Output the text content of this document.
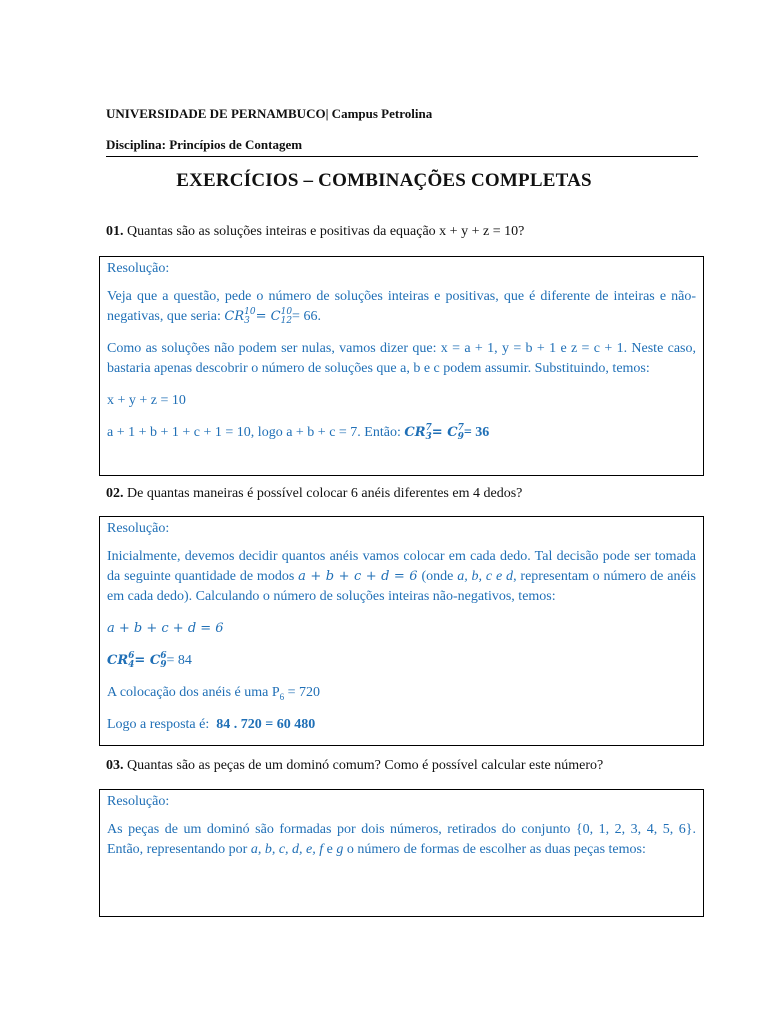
UNIVERSIDADE DE PERNAMBUCO| Campus Petrolina
Disciplina: Princípios de Contagem
EXERCÍCIOS – COMBINAÇÕES COMPLETAS
01. Quantas são as soluções inteiras e positivas da equação x + y + z = 10?

Resolução:

Veja que a questão, pede o número de soluções inteiras e positivas, que é diferente de inteiras e não-negativas, que seria: CR 10
3 = C 10
12 = 66.

Como as soluções não podem ser nulas, vamos dizer que: x = a + 1, y = b + 1 e z = c + 1. Neste caso, bastaria apenas descobrir o número de soluções que a, b e c podem assumir. Substituindo, temos:

x + y + z = 10

a + 1 + b + 1 + c + 1 = 10, logo a + b + c = 7. Então: CR 7
3 = C 7
9 = 36

02. De quantas maneiras é possível colocar 6 anéis diferentes em 4 dedos?

Resolução:

Inicialmente, devemos decidir quantos anéis vamos colocar em cada dedo. Tal decisão pode ser tomada da seguinte quantidade de modos a + b + c + d = 6 (onde a, b, c e d, representam o número de anéis em cada dedo). Calculando o número de soluções inteiras não-negativos, temos:

a + b + c + d = 6

CR 6
4 = C 6
9 = 84

A colocação dos anéis é uma $P_6 = 720$

Logo a resposta é: 84 . 720 = 60 480

03. Quantas são as peças de um dominó comum? Como é possível calcular este número?

Resolução:

As peças de um dominó são formadas por dois números, retirados do conjunto {0, 1, 2, 3, 4, 5, 6}. Então, representando por a, b, c, d, e, f e g o número de formas de escolher as duas peças temos:
